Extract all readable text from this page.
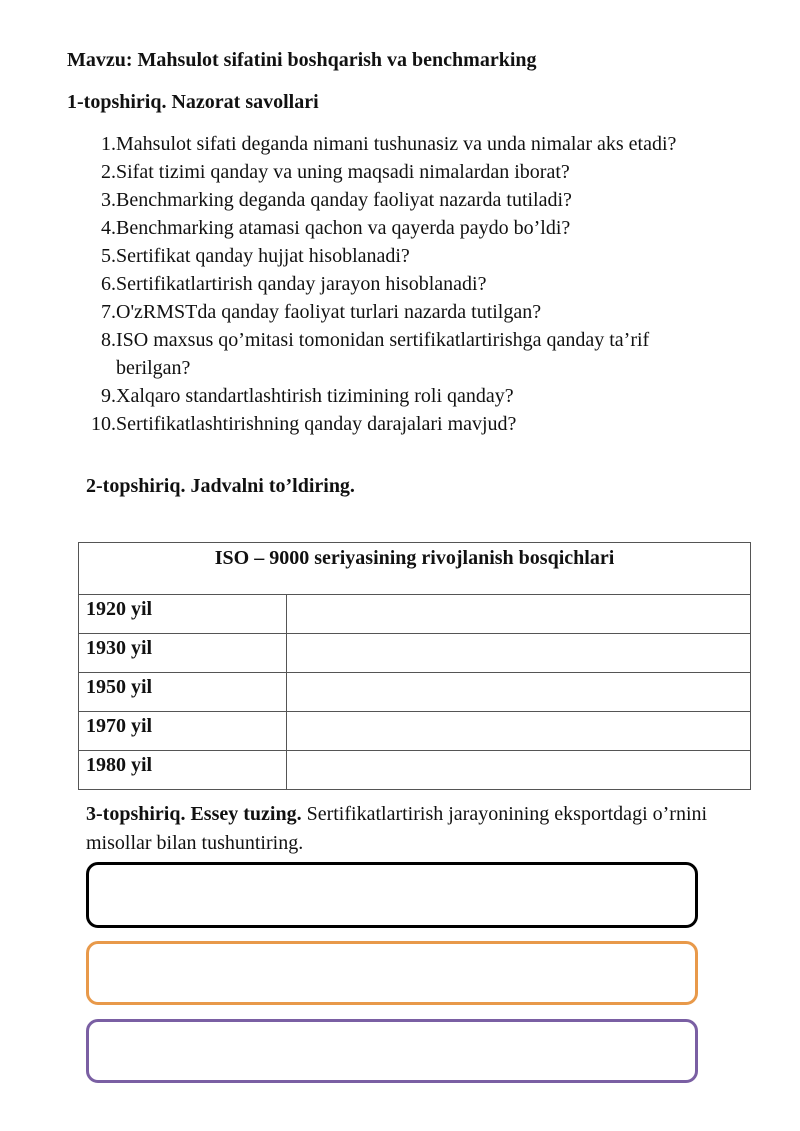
Mavzu: Mahsulot sifatini boshqarish va benchmarking
1-topshiriq. Nazorat savollari
1. Mahsulot sifati deganda nimani tushunasiz va unda nimalar aks etadi?
2. Sifat tizimi qanday va uning maqsadi nimalardan iborat?
3. Benchmarking deganda qanday faoliyat nazarda tutiladi?
4. Benchmarking atamasi qachon va qayerda paydo bo’ldi?
5. Sertifikat qanday hujjat hisoblanadi?
6. Sertifikatlartirish qanday jarayon hisoblanadi?
7. O'zRMSTda qanday faoliyat turlari nazarda tutilgan?
8. ISO maxsus qo’mitasi tomonidan sertifikatlartirishga qanday ta’rif berilgan?
9. Xalqaro standartlashtirish tizimining roli qanday?
10. Sertifikatlashtirishning qanday darajalari mavjud?
2-topshiriq. Jadvalni to’ldiring.
ISO – 9000 seriyasining rivojlanish bosqichlari	
1920 yil	
1930 yil	
1950 yil	
1970 yil	
1980 yil	
3-topshiriq. Essey tuzing. Sertifikatlartirish jarayonining eksportdagi o’rnini misollar bilan tushuntiring.
